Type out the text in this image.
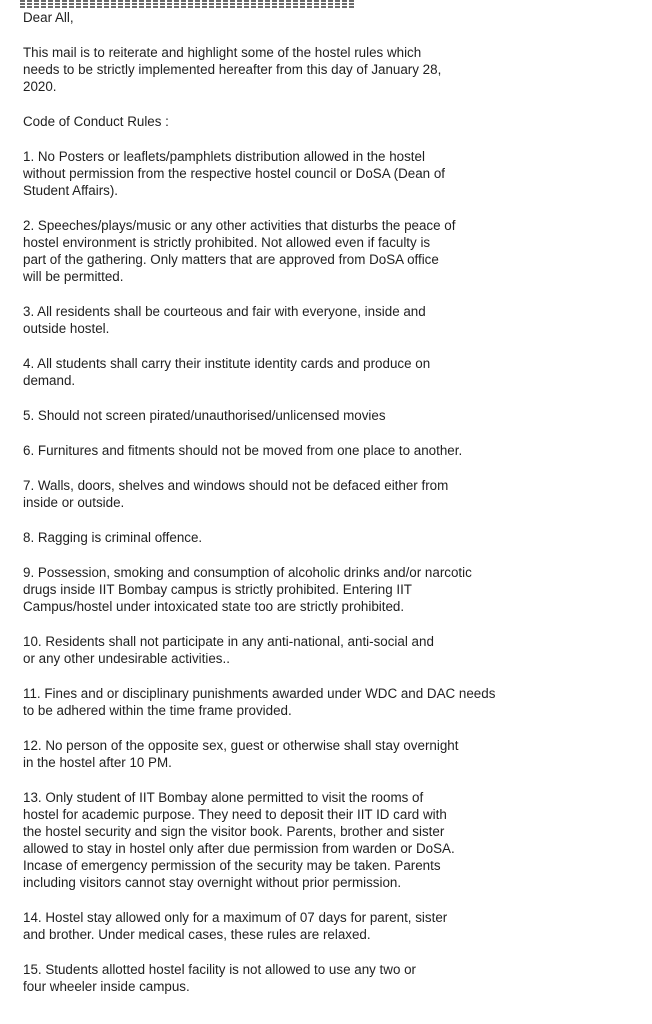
Dear All,

This mail is to reiterate and highlight some of the hostel rules which
needs to be strictly implemented hereafter from this day of January 28,
2020.

Code of Conduct Rules :

1. No Posters or leaflets/pamphlets distribution allowed in the hostel
without permission from the respective hostel council or DoSA (Dean of
Student Affairs).
2. Speeches/plays/music or any other activities that disturbs the peace of
hostel environment is strictly prohibited. Not allowed even if faculty is
part of the gathering. Only matters that are approved from DoSA office
will be permitted.
3. All residents shall be courteous and fair with everyone, inside and
outside hostel.
4. All students shall carry their institute identity cards and produce on
demand.
5. Should not screen pirated/unauthorised/unlicensed movies
6. Furnitures and fitments should not be moved from one place to another.
7. Walls, doors, shelves and windows should not be defaced either from
inside or outside.
8. Ragging is criminal offence.
9. Possession, smoking and consumption of alcoholic drinks and/or narcotic
drugs inside IIT Bombay campus is strictly prohibited. Entering IIT
Campus/hostel under intoxicated state too are strictly prohibited.
10. Residents shall not participate in any anti-national, anti-social and
or any other undesirable activities..
11. Fines and or disciplinary punishments awarded under WDC and DAC needs
to be adhered within the time frame provided.
12. No person of the opposite sex, guest or otherwise shall stay overnight
in the hostel after 10 PM.
13. Only student of IIT Bombay alone permitted to visit the rooms of
hostel for academic purpose. They need to deposit their IIT ID card with
the hostel security and sign the visitor book. Parents, brother and sister
allowed to stay in hostel only after due permission from warden or DoSA.
Incase of emergency permission of the security may be taken. Parents
including visitors cannot stay overnight without prior permission.
14. Hostel stay allowed only for a maximum of 07 days for parent, sister
and brother. Under medical cases, these rules are relaxed.
15. Students allotted hostel facility is not allowed to use any two or
four wheeler inside campus.
